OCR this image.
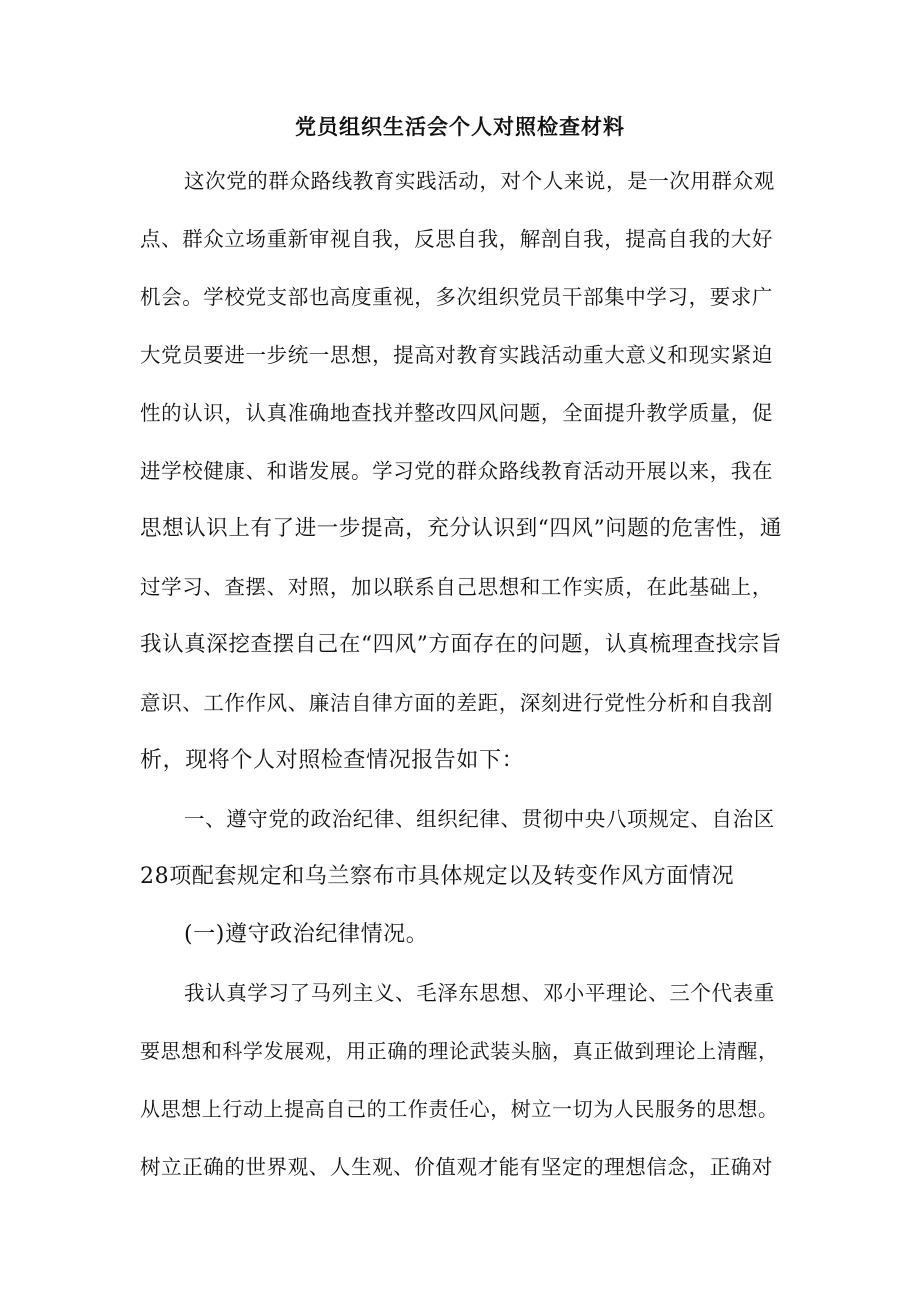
党员组织生活会个人对照检查材料
这次党的群众路线教育实践活动，对个人来说，是一次用群众观
点、群众立场重新审视自我，反思自我，解剖自我，提高自我的大好
机会。学校党支部也高度重视，多次组织党员干部集中学习，要求广
大党员要进一步统一思想，提高对教育实践活动重大意义和现实紧迫
性的认识，认真准确地查找并整改四风问题，全面提升教学质量，促
进学校健康、和谐发展。学习党的群众路线教育活动开展以来，我在
思想认识上有了进一步提高，充分认识到“四风”问题的危害性，通
过学习、查摆、对照，加以联系自己思想和工作实质，在此基础上，
我认真深挖查摆自己在“四风”方面存在的问题，认真梳理查找宗旨
意识、工作作风、廉洁自律方面的差距，深刻进行党性分析和自我剖
析，现将个人对照检查情况报告如下：
一、遵守党的政治纪律、组织纪律、贯彻中央八项规定、自治区
28项配套规定和乌兰察布市具体规定以及转变作风方面情况
(一)遵守政治纪律情况。
我认真学习了马列主义、毛泽东思想、邓小平理论、三个代表重
要思想和科学发展观，用正确的理论武装头脑，真正做到理论上清醒，
从思想上行动上提高自己的工作责任心，树立一切为人民服务的思想。
树立正确的世界观、人生观、价值观才能有坚定的理想信念，正确对
